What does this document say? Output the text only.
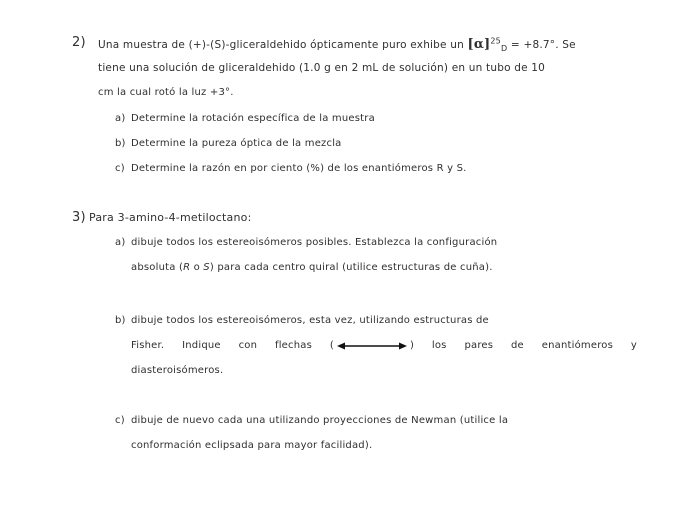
2) Una muestra de (+)-(S)-gliceraldehido ópticamente puro exhibe un $[\alpha]^{25}_D = +8.7^\circ$. Se
tiene una solución de gliceraldehido (1.0 g en 2 mL de solución) en un tubo de 10
cm la cual rotó la luz +3°.
a) Determine la rotación específica de la muestra
b) Determine la pureza óptica de la mezcla
c) Determine la razón en por ciento (%) de los enantiómeros R y S.
3) Para 3-amino-4-metiloctano:
a) dibuje todos los estereoisómeros posibles. Establezca la configuración
absoluta (R o S) para cada centro quiral (utilice estructuras de cuña).
b) dibuje todos los estereoisómeros, esta vez, utilizando estructuras de
Fisher. Indique con flechas (	) los pares de enantiómeros y
diasteroisómeros.
c) dibuje de nuevo cada una utilizando proyecciones de Newman (utilice la
conformación eclipsada para mayor facilidad).
